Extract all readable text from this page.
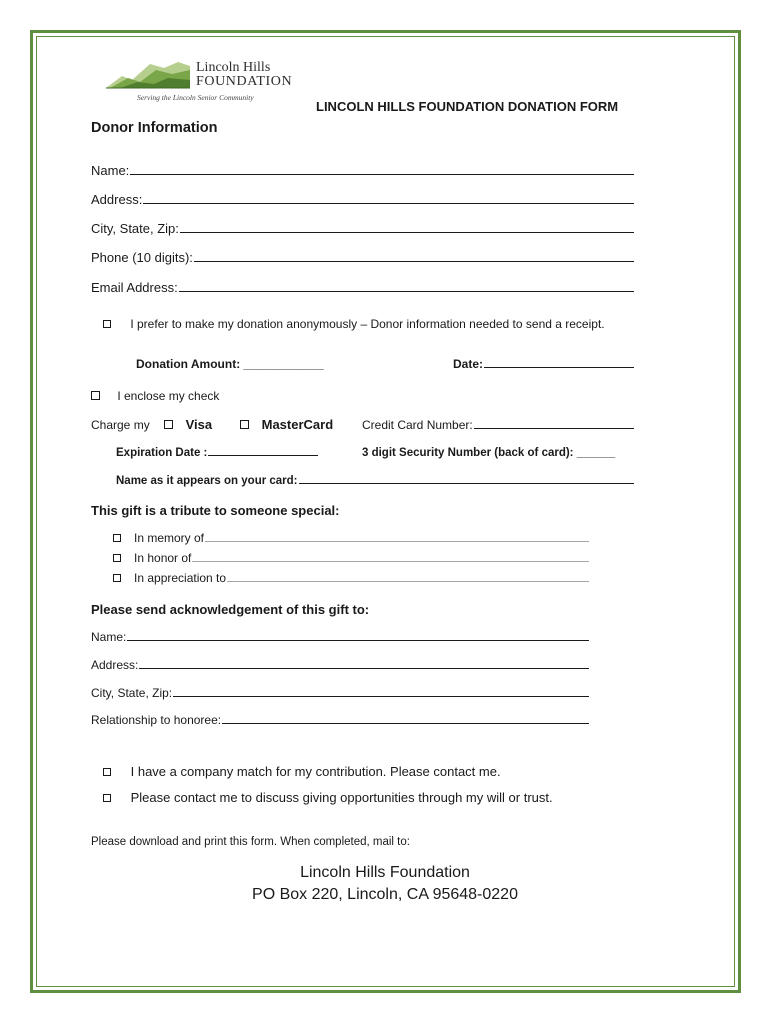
Lincoln Hills
FOUNDATION
Serving the Lincoln Senior Community
LINCOLN HILLS FOUNDATION DONATION FORM
Donor Information
Name:
Address:
City, State, Zip:
Phone (10 digits):
Email Address:
I prefer to make my donation anonymously – Donor information needed to send a receipt.
Donation Amount: ____________	Date:
I enclose my check
Charge my	Visa	MasterCard Credit Card Number:
Expiration Date :	3 digit Security Number (back of card): ______
Name as it appears on your card:
This gift is a tribute to someone special:
In memory of
In honor of
In appreciation to
Please send acknowledgement of this gift to:
Name:
Address:
City, State, Zip:
Relationship to honoree:
I have a company match for my contribution. Please contact me.
Please contact me to discuss giving opportunities through my will or trust.
Please download and print this form. When completed, mail to:
Lincoln Hills Foundation
PO Box 220, Lincoln, CA 95648-0220
